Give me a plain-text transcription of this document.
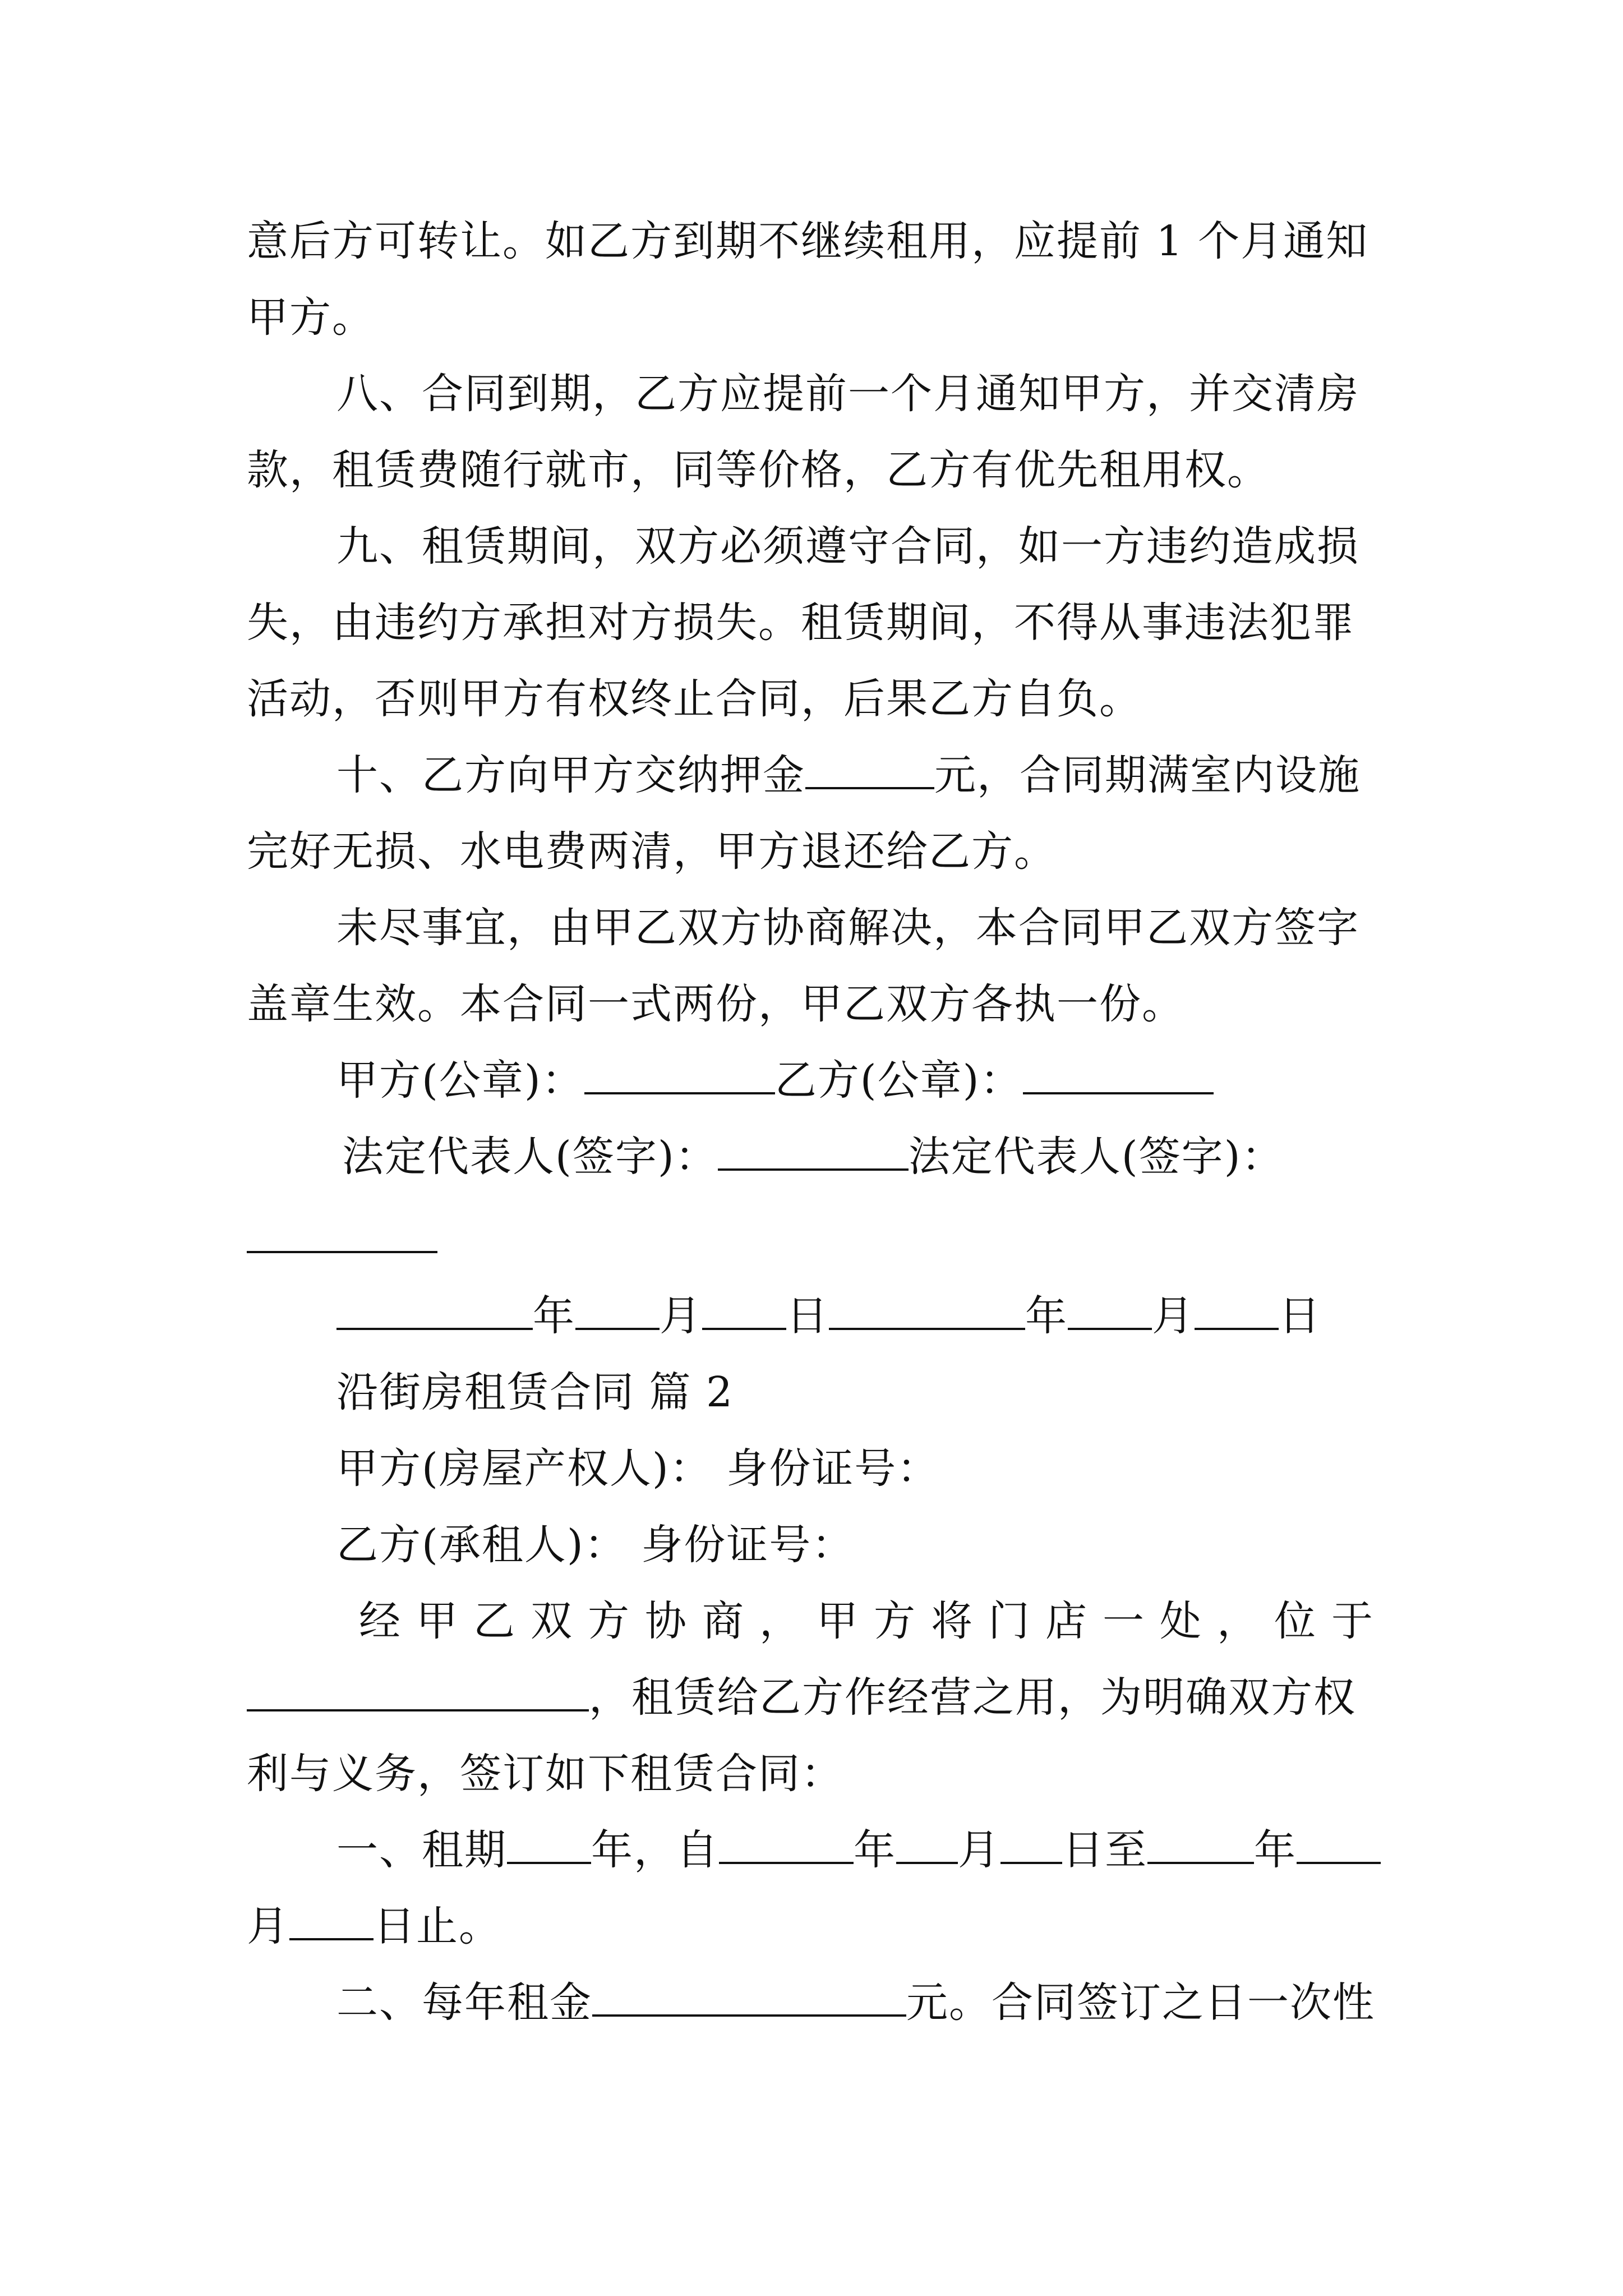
意后方可转让。如乙方到期不继续租用，应提前 1 个月通知
甲方。
八、合同到期，乙方应提前一个月通知甲方，并交清房
款，租赁费随行就市，同等价格，乙方有优先租用权。
九、租赁期间，双方必须遵守合同，如一方违约造成损
失，由违约方承担对方损失。租赁期间，不得从事违法犯罪
活动，否则甲方有权终止合同，后果乙方自负。
十、乙方向甲方交纳押金	元，合同期满室内设施
完好无损、水电费两清，甲方退还给乙方。
未尽事宜，由甲乙双方协商解决，本合同甲乙双方签字
盖章生效。本合同一式两份，甲乙双方各执一份。
甲方(公章)：	乙方(公章)：
法定代表人(签字)：	法定代表人(签字)：
年 月 日	年 月 日
沿街房租赁合同 篇 2
甲方(房屋产权人)： 身份证号：
乙方(承租人)： 身份证号：
经甲乙双方协商，甲方将门店一处，位于
，租赁给乙方作经营之用，为明确双方权
利与义务，签订如下租赁合同：
一、租期 年，自	年 月 日至	年
月 日止。
二、每年租金	元。合同签订之日一次性
